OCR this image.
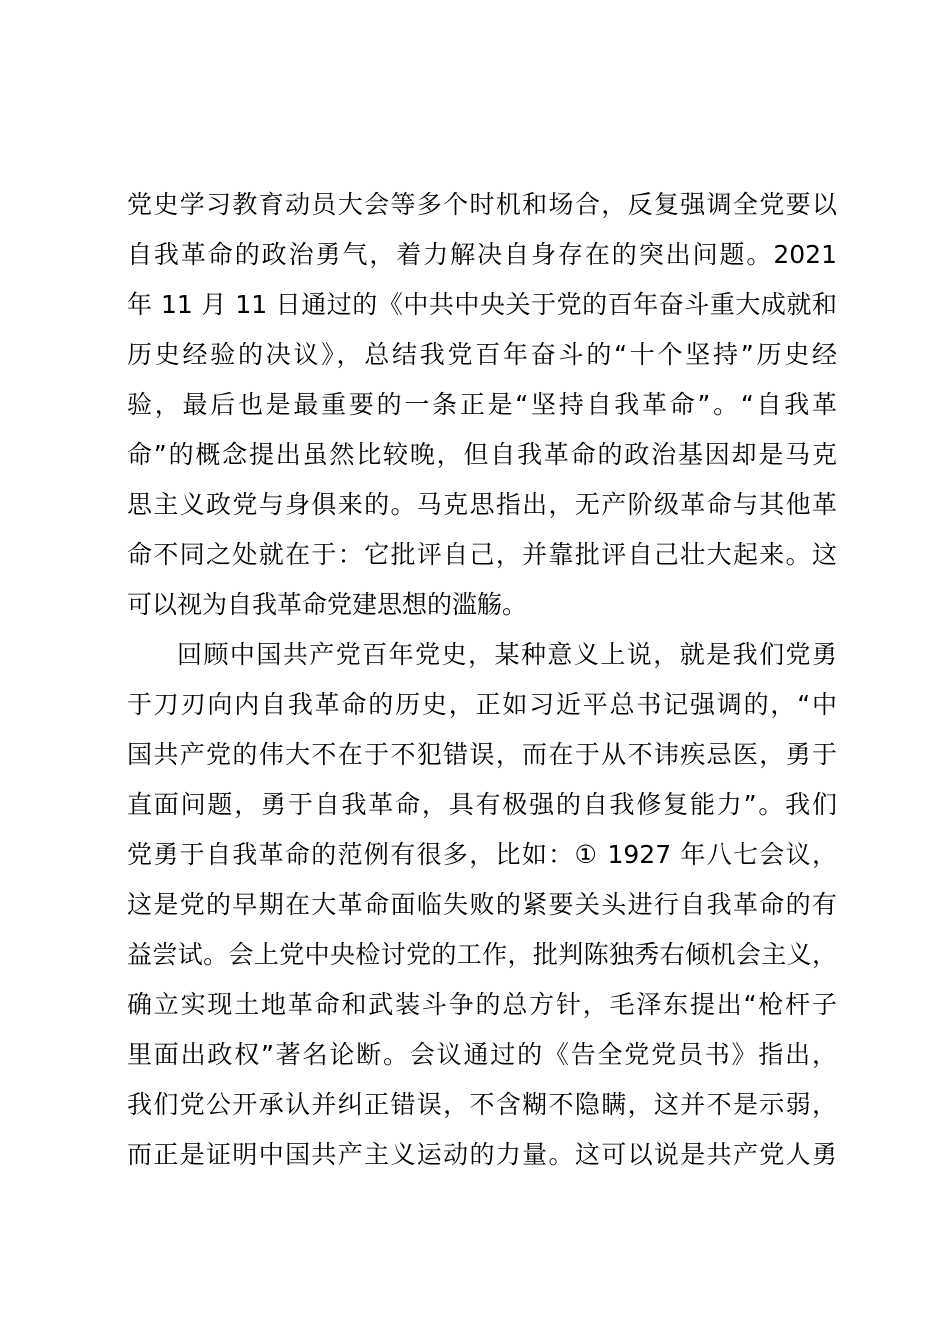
党史学习教育动员大会等多个时机和场合，反复强调全党要以
自我革命的政治勇气，着力解决自身存在的突出问题。2021
年 11 月 11 日通过的《中共中央关于党的百年奋斗重大成就和
历史经验的决议》，总结我党百年奋斗的“十个坚持”历史经
验，最后也是最重要的一条正是“坚持自我革命”。“自我革
命”的概念提出虽然比较晚，但自我革命的政治基因却是马克
思主义政党与身俱来的。马克思指出，无产阶级革命与其他革
命不同之处就在于：它批评自己，并靠批评自己壮大起来。这
可以视为自我革命党建思想的滥觞。
回顾中国共产党百年党史，某种意义上说，就是我们党勇
于刀刃向内自我革命的历史，正如习近平总书记强调的，“中
国共产党的伟大不在于不犯错误，而在于从不讳疾忌医，勇于
直面问题，勇于自我革命，具有极强的自我修复能力”。我们
党勇于自我革命的范例有很多，比如：① 1927 年八七会议，
这是党的早期在大革命面临失败的紧要关头进行自我革命的有
益尝试。会上党中央检讨党的工作，批判陈独秀右倾机会主义，
确立实现土地革命和武装斗争的总方针，毛泽东提出“枪杆子
里面出政权”著名论断。会议通过的《告全党党员书》指出，
我们党公开承认并纠正错误，不含糊不隐瞒，这并不是示弱，
而正是证明中国共产主义运动的力量。这可以说是共产党人勇
